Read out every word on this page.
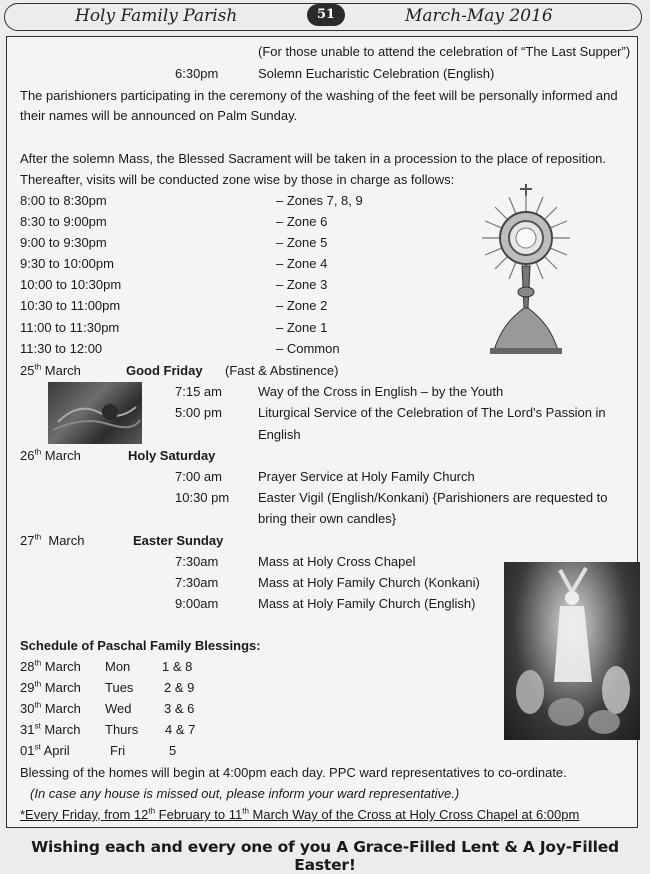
Holy Family Parish	March-May 2016
51
(For those unable to attend the celebration of “The Last Supper”)
6:30pm	Solemn Eucharistic Celebration (English)
The parishioners participating in the ceremony of the washing of the feet will be personally informed and
their names will be announced on Palm Sunday.
After the solemn Mass, the Blessed Sacrament will be taken in a procession to the place of reposition.
Thereafter, visits will be conducted zone wise by those in charge as follows:
8:00 to 8:30pm	– Zones 7, 8, 9
8:30 to 9:00pm	– Zone 6
9:00 to 9:30pm	– Zone 5
9:30 to 10:00pm	– Zone 4
10:00 to 10:30pm	– Zone 3
10:30 to 11:00pm	– Zone 2
11:00 to 11:30pm	– Zone 1
11:30 to 12:00	– Common
25th March	Good Friday (Fast & Abstinence)
7:15 am	Way of the Cross in English – by the Youth
5:00 pm	Liturgical Service of the Celebration of The Lord's Passion in
English
26th March	Holy Saturday
7:00 am	Prayer Service at Holy Family Church
10:30 pm Easter Vigil (English/Konkani) {Parishioners are requested to
bring their own candles}
27th March	Easter Sunday
7:30am	Mass at Holy Cross Chapel
7:30am	Mass at Holy Family Church (Konkani)
9:00am	Mass at Holy Family Church (English)
Schedule of Paschal Family Blessings:
28th March Mon 1 & 8
29th March Tues 2 & 9
30th March Wed	3 & 6
31st March Thurs 4 & 7
01st April	Fri	5
Blessing of the homes will begin at 4:00pm each day. PPC ward representatives to co-ordinate.
(In case any house is missed out, please inform your ward representative.)
*Every Friday, from 12th February to 11th March Way of the Cross at Holy Cross Chapel at 6:00pm
Wishing each and every one of you A Grace-Filled Lent & A Joy-Filled Easter!
